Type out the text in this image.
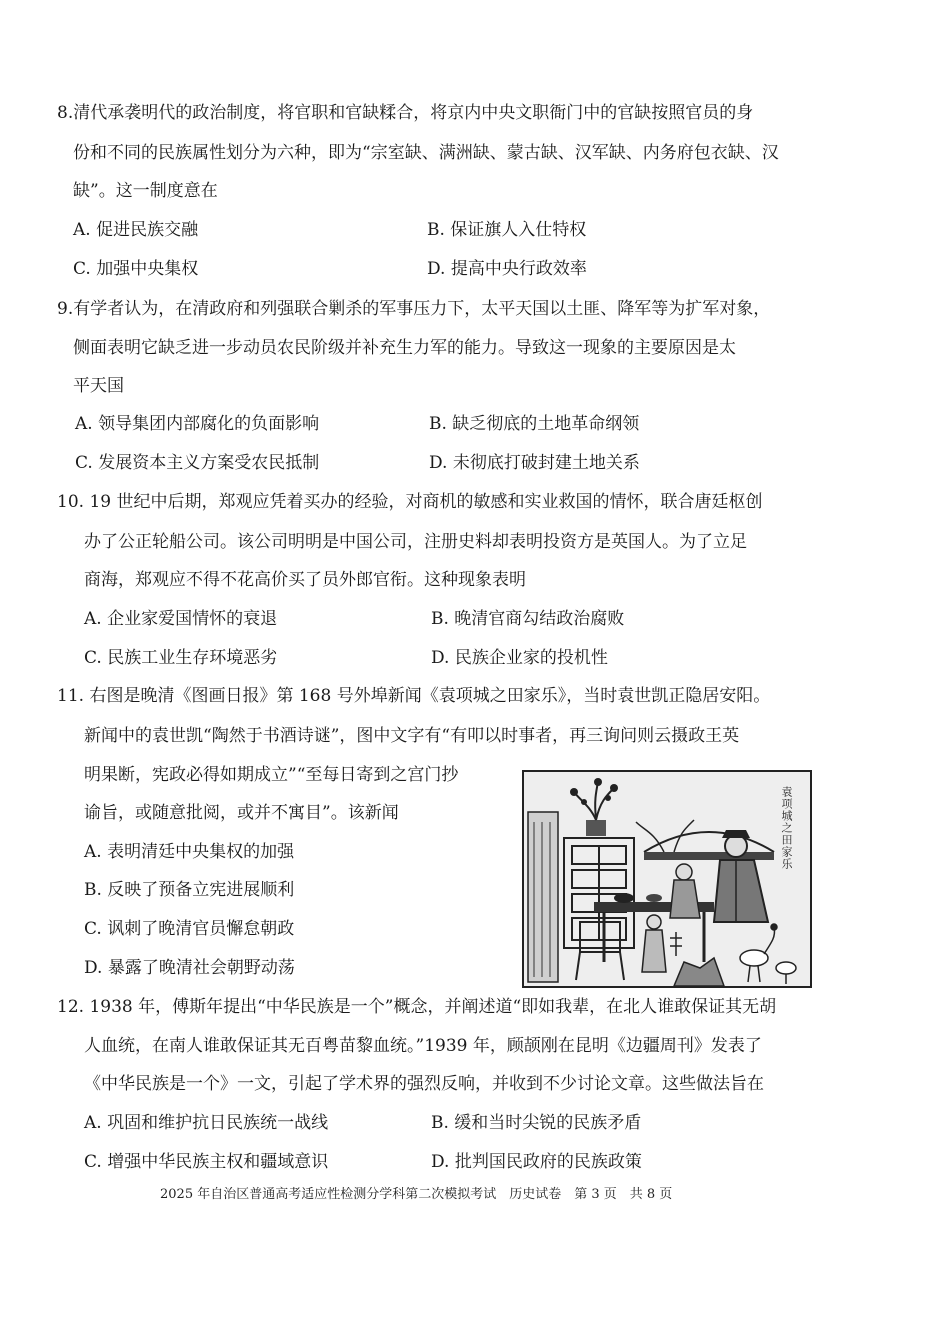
8.清代承袭明代的政治制度，将官职和官缺糅合，将京内中央文职衙门中的官缺按照官员的身
份和不同的民族属性划分为六种，即为“宗室缺、满洲缺、蒙古缺、汉军缺、内务府包衣缺、汉
缺”。这一制度意在
A. 促进民族交融	B. 保证旗人入仕特权
C. 加强中央集权	D. 提高中央行政效率
9.有学者认为，在清政府和列强联合剿杀的军事压力下，太平天国以土匪、降军等为扩军对象，
侧面表明它缺乏进一步动员农民阶级并补充生力军的能力。导致这一现象的主要原因是太
平天国
A. 领导集团内部腐化的负面影响	B. 缺乏彻底的土地革命纲领
C. 发展资本主义方案受农民抵制	D. 未彻底打破封建土地关系
10. 19 世纪中后期，郑观应凭着买办的经验，对商机的敏感和实业救国的情怀，联合唐廷枢创
办了公正轮船公司。该公司明明是中国公司，注册史料却表明投资方是英国人。为了立足
商海，郑观应不得不花高价买了员外郎官衔。这种现象表明
A. 企业家爱国情怀的衰退	B. 晚清官商勾结政治腐败
C. 民族工业生存环境恶劣	D. 民族企业家的投机性
11. 右图是晚清《图画日报》第 168 号外埠新闻《袁项城之田家乐》，当时袁世凯正隐居安阳。
新闻中的袁世凯“陶然于书酒诗谜”，图中文字有“有叩以时事者，再三询问则云摄政王英
明果断，宪政必得如期成立”“至每日寄到之宫门抄
谕旨，或随意批阅，或并不寓目”。该新闻
A. 表明清廷中央集权的加强
B. 反映了预备立宪进展顺利
C. 讽刺了晚清官员懈怠朝政
D. 暴露了晚清社会朝野动荡
袁项城之田家乐
12. 1938 年，傅斯年提出“中华民族是一个”概念，并阐述道“即如我辈，在北人谁敢保证其无胡
人血统，在南人谁敢保证其无百粤苗黎血统。”1939 年，顾颉刚在昆明《边疆周刊》发表了
《中华民族是一个》一文，引起了学术界的强烈反响，并收到不少讨论文章。这些做法旨在
A. 巩固和维护抗日民族统一战线	B. 缓和当时尖锐的民族矛盾
C. 增强中华民族主权和疆域意识	D. 批判国民政府的民族政策
2025 年自治区普通高考适应性检测分学科第二次模拟考试　历史试卷　第 3 页　共 8 页
